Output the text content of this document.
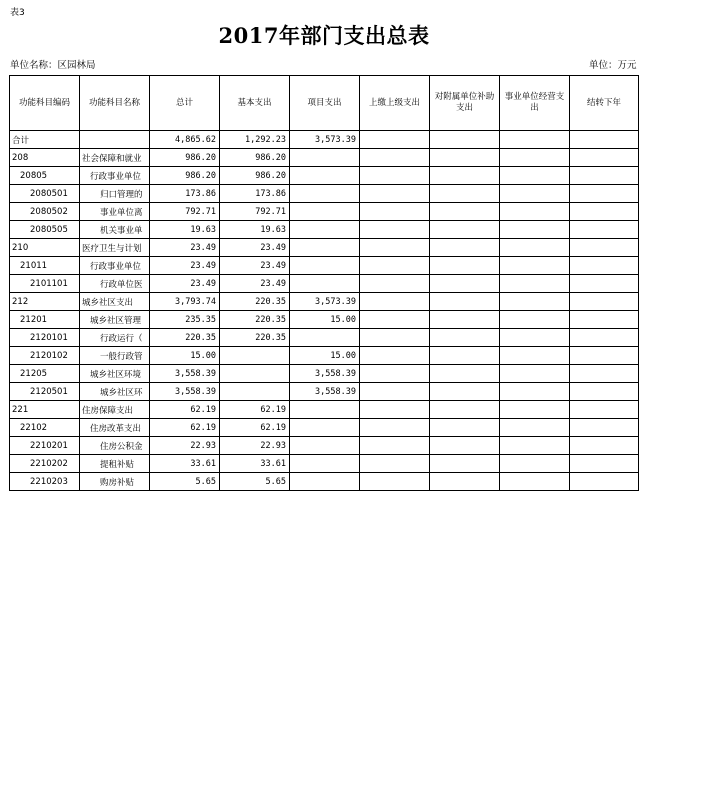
表3
2017年部门支出总表
单位名称：区园林局	单位：万元
功能科目编码	功能科目名称	总计	基本支出	项目支出	上缴上级支出	对附属单位补助支出	事业单位经营支出	结转下年
合计		4,865.62	1,292.23	3,573.39				
208	社会保障和就业	986.20	986.20					
20805	行政事业单位	986.20	986.20					
2080501	归口管理的	173.86	173.86					
2080502	事业单位离	792.71	792.71					
2080505	机关事业单	19.63	19.63					
210	医疗卫生与计划	23.49	23.49					
21011	行政事业单位	23.49	23.49					
2101101	行政单位医	23.49	23.49					
212	城乡社区支出	3,793.74	220.35	3,573.39				
21201	城乡社区管理	235.35	220.35	15.00				
2120101	行政运行（	220.35	220.35					
2120102	一般行政管	15.00		15.00				
21205	城乡社区环境	3,558.39		3,558.39				
2120501	城乡社区环	3,558.39		3,558.39				
221	住房保障支出	62.19	62.19					
22102	住房改革支出	62.19	62.19					
2210201	住房公积金	22.93	22.93					
2210202	提租补贴	33.61	33.61					
2210203	购房补贴	5.65	5.65					
